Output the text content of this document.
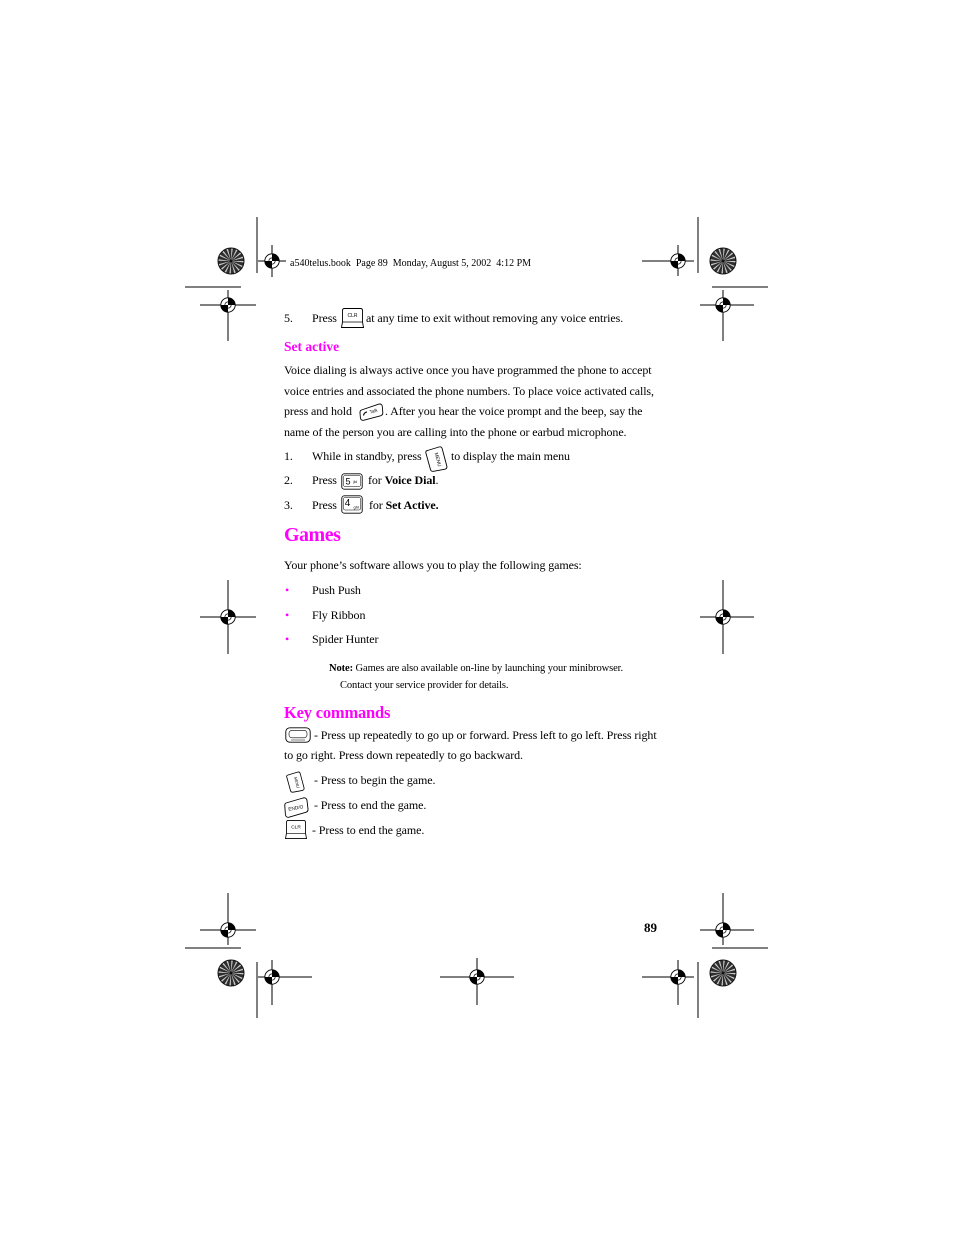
a540telus.book  Page 89  Monday, August 5, 2002  4:12 PM
5. Press CLR at any time to exit without removing any voice entries.
Set active
Voice dialing is always active once you have programmed the phone to accept
voice entries and associated the phone numbers. To place voice activated calls,
press and hold	Talk . After you hear the voice prompt and the beep, say the
name of the person you are calling into the phone or earbud microphone.
1. While in standby, press MENU to display the main menu
2. Press 5 jkl for Voice Dial.
3. Press 4 ghi for Set Active.
Games
Your phone’s software allows you to play the following games:
• Push Push
• Fly Ribbon
• Spider Hunter
Note: Games are also available on-line by launching your minibrowser.
Contact your service provider for details.
Key commands
- Press up repeatedly to go up or forward. Press left to go left. Press right
to go right. Press down repeatedly to go backward.
MENU - Press to begin the game.
END/O - Press to end the game.
CLR - Press to end the game.
89
